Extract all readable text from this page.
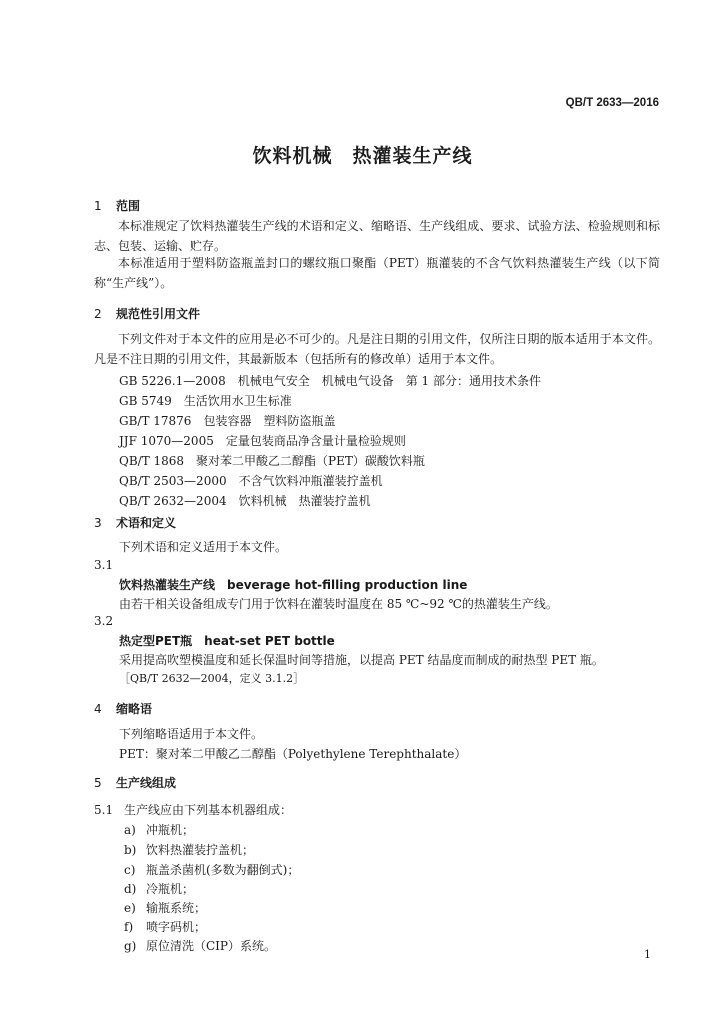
QB/T 2633—2016
饮料机械　热灌装生产线
1 范围
本标准规定了饮料热灌装生产线的术语和定义、缩略语、生产线组成、要求、试验方法、检验规则和标志、包装、运输、贮存。
本标准适用于塑料防盗瓶盖封口的螺纹瓶口聚酯（PET）瓶灌装的不含气饮料热灌装生产线（以下简称“生产线”）。
2 规范性引用文件
下列文件对于本文件的应用是必不可少的。凡是注日期的引用文件，仅所注日期的版本适用于本文件。凡是不注日期的引用文件，其最新版本（包括所有的修改单）适用于本文件。
GB 5226.1—2008　机械电气安全　机械电气设备　第 1 部分：通用技术条件
GB 5749　生活饮用水卫生标准
GB/T 17876　包装容器　塑料防盗瓶盖
JJF 1070—2005　定量包装商品净含量计量检验规则
QB/T 1868　聚对苯二甲酸乙二醇酯（PET）碳酸饮料瓶
QB/T 2503—2000　不含气饮料冲瓶灌装拧盖机
QB/T 2632—2004　饮料机械　热灌装拧盖机
3 术语和定义
下列术语和定义适用于本文件。
3.1
饮料热灌装生产线　beverage hot-filling production line
由若干相关设备组成专门用于饮料在灌装时温度在 85 ℃~92 ℃的热灌装生产线。
3.2
热定型PET瓶　heat-set PET bottle
采用提高吹塑模温度和延长保温时间等措施，以提高 PET 结晶度而制成的耐热型 PET 瓶。
［QB/T 2632—2004，定义 3.1.2］
4 缩略语
下列缩略语适用于本文件。
PET：聚对苯二甲酸乙二醇酯（Polyethylene Terephthalate）
5 生产线组成
5.1 生产线应由下列基本机器组成：
a) 冲瓶机；
b) 饮料热灌装拧盖机；
c) 瓶盖杀菌机(多数为翻倒式)；
d) 冷瓶机；
e) 输瓶系统；
f) 喷字码机；
g) 原位清洗（CIP）系统。
1
